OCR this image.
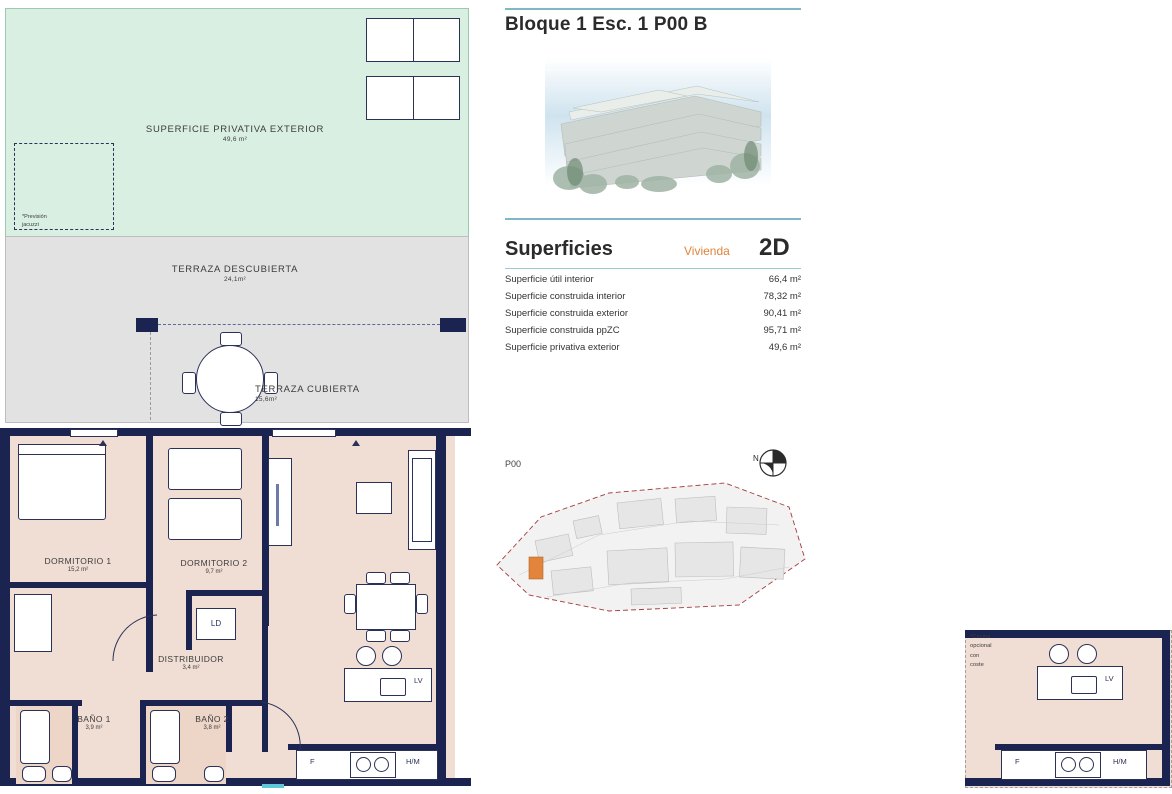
SUPERFICIE PRIVATIVA EXTERIOR
49,6 m²
*Previsión
jacuzzi
TERRAZA DESCUBIERTA
24,1m²
TERRAZA CUBIERTA
15,6m²
DORMITORIO 1
15,2 m²
DORMITORIO 2
9,7 m²
LD
DISTRIBUIDOR
3,4 m²
BAÑO 1
3,9 m²
BAÑO 2
3,8 m²
LV
F	H/M
Bloque 1 Esc. 1 P00 B
Superficies	Vivienda 2D
Superficie útil interior	66,4 m²
Superficie construida interior	78,32 m²
Superficie construida exterior	90,41 m²
Superficie construida ppZC	95,71 m²
Superficie privativa exterior	49,6 m²
P00
N
LV
F	H/M
*Cocina opcional
con coste
